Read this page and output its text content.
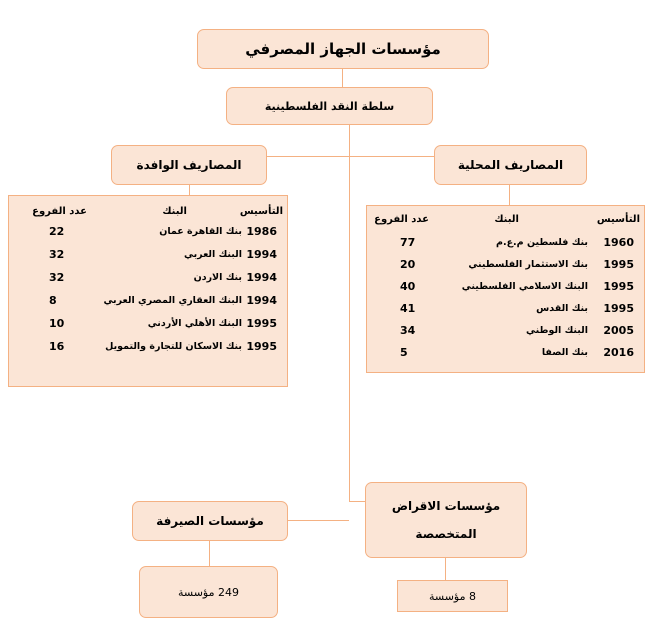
مؤسسات الجهاز المصرفي
سلطة النقد الفلسطينية
المصاريف الوافدة	المصاريف المحلية
التأسيس
البنك
عدد الفروع
1986
بنك القاهرة عمان
22
1994
البنك العربي
32
1994
بنك الاردن
32
1994
البنك العقاري المصري العربي
8
1995
البنك الأهلي الأردني
10
1995
بنك الاسكان للتجارة والتمويل
16
التأسيس
البنك
عدد الفروع
1960
بنك فلسطين م.ع.م
77
1995
بنك الاستثمار الفلسطيني
20
1995
البنك الاسلامي الفلسطيني
40
1995
بنك القدس
41
2005
البنك الوطني
34
2016
بنك الصفا
5
مؤسسات الاقراض
المتخصصة
مؤسسات الصيرفة
249 مؤسسة	8 مؤسسة
